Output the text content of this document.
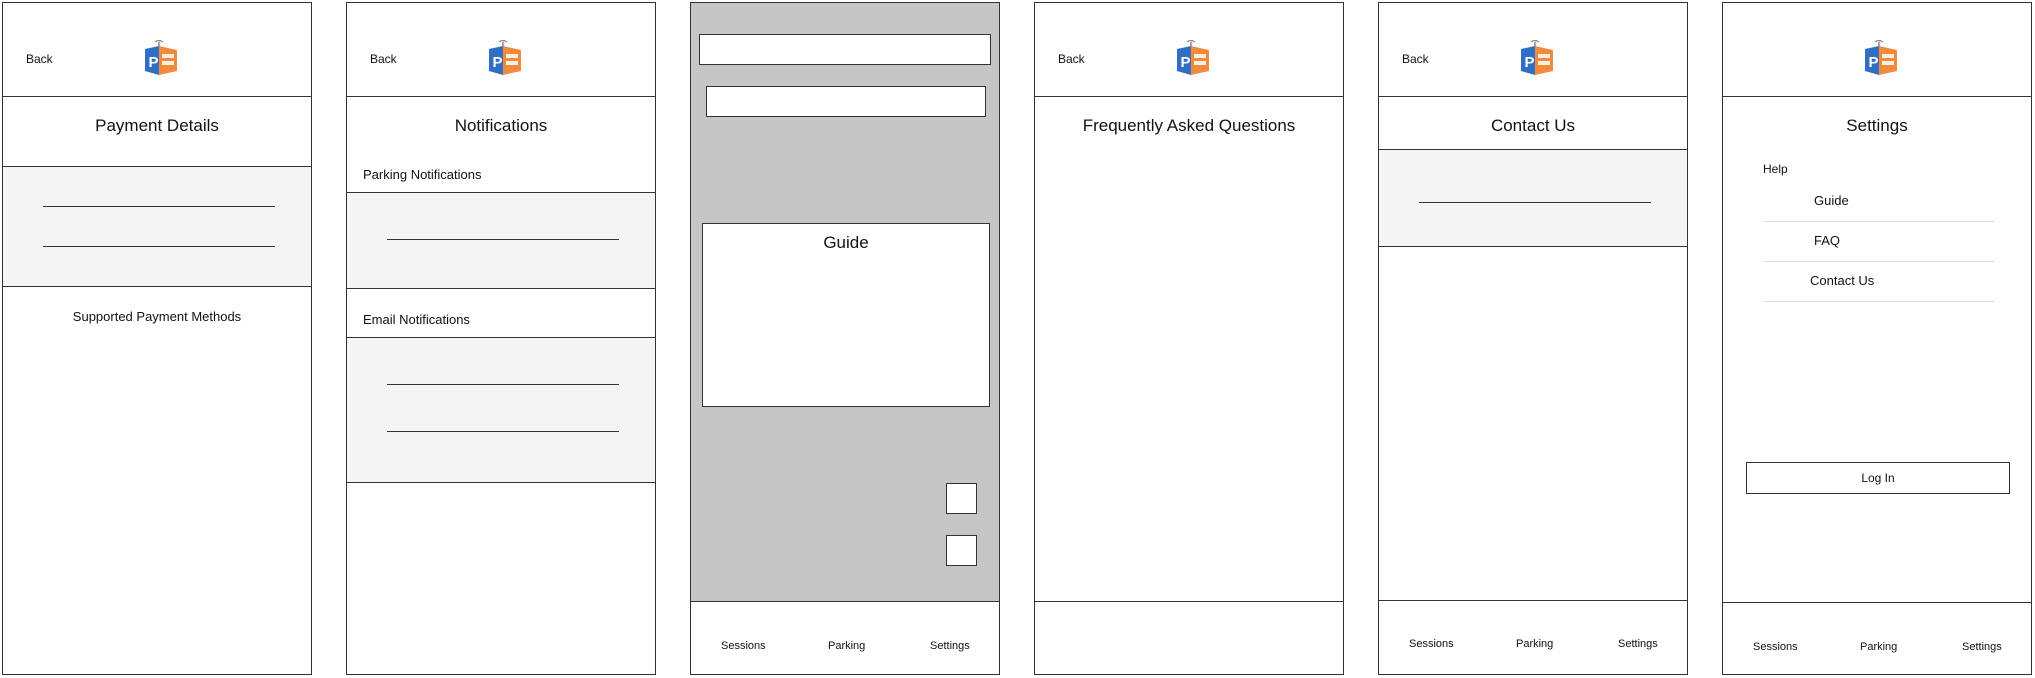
Back	P
Payment Details
Supported Payment Methods
Back	P
Notifications
Parking Notifications
Email Notifications
Guide
Sessions	Parking	Settings
Back	P
Frequently Asked Questions
Back	P
Contact Us
Sessions	Parking	Settings
P
Settings
Help
Guide
FAQ
Contact Us
Log In
Sessions	Parking	Settings
